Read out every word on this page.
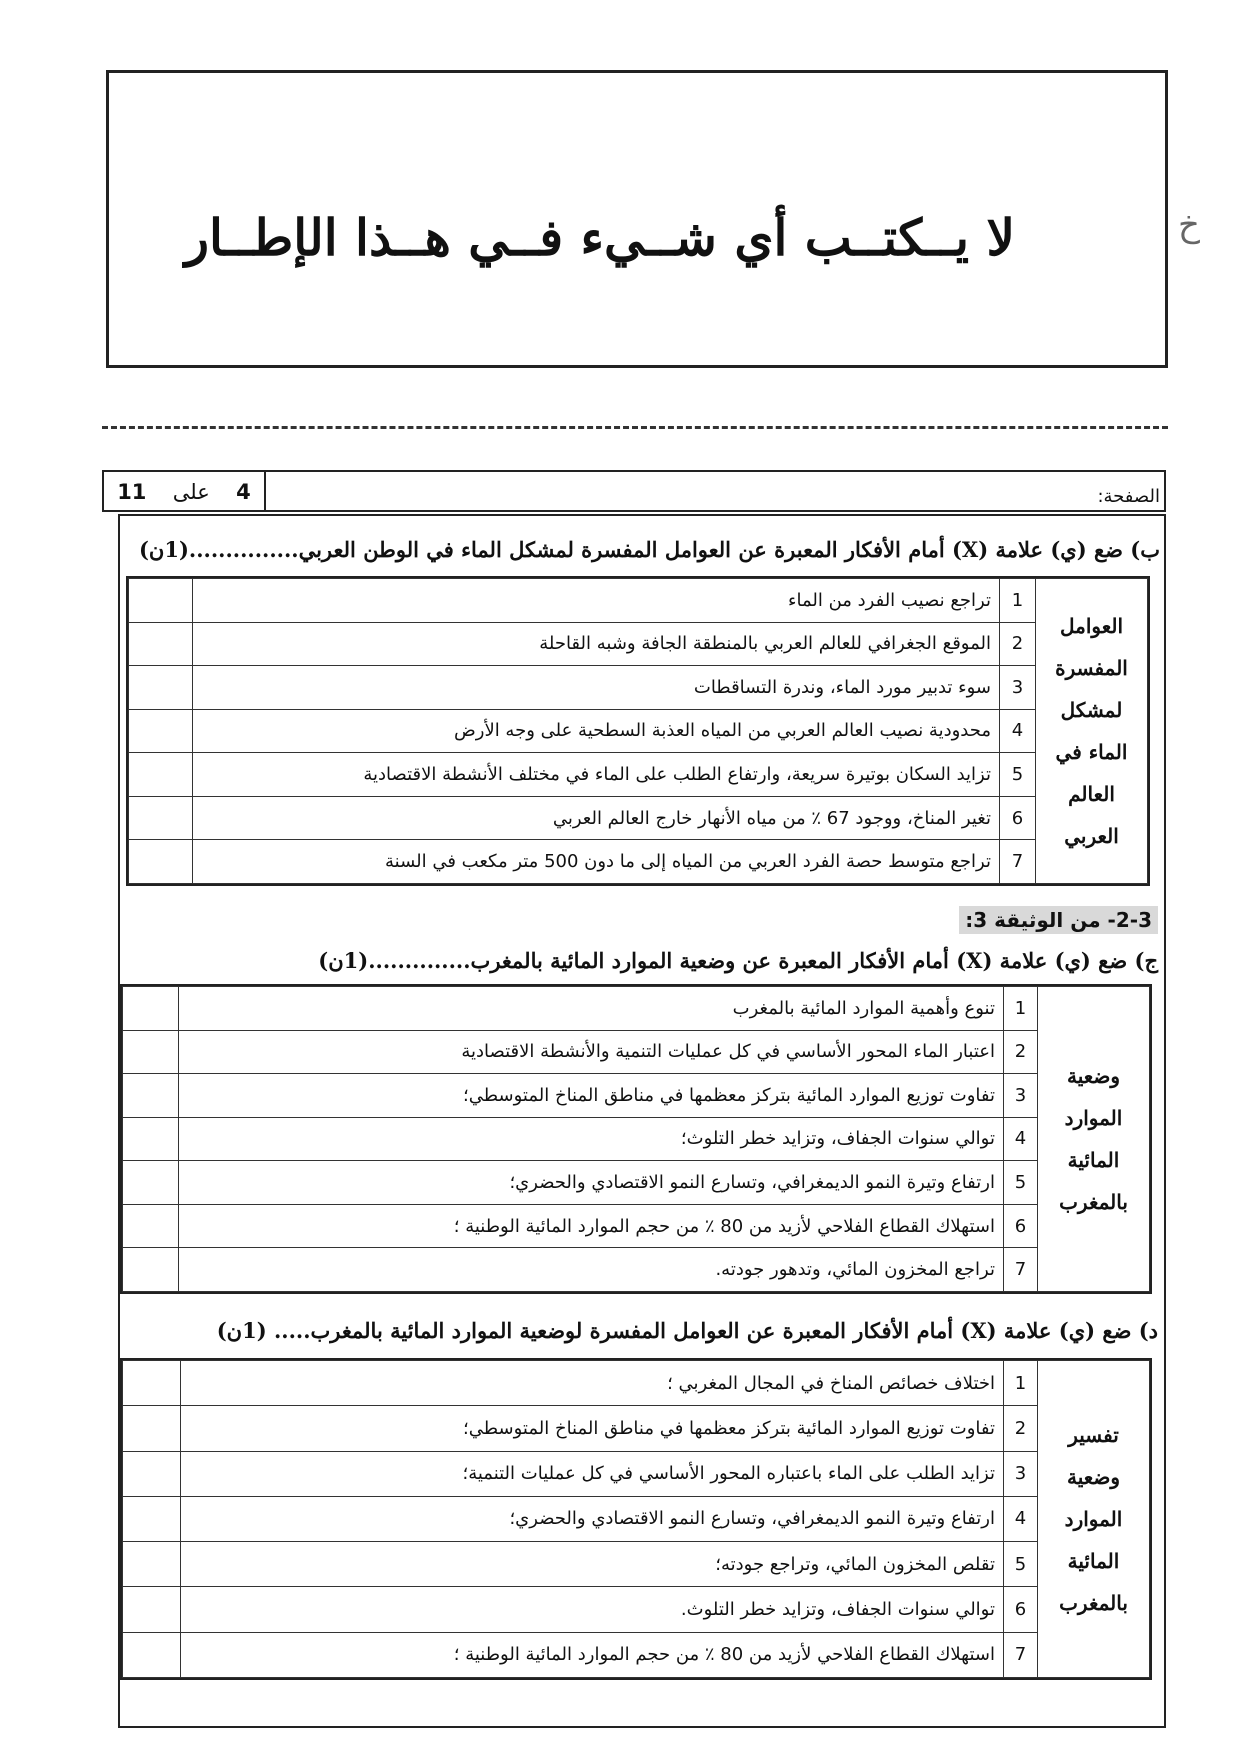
لا يــكتــب أي شــيء فــي هــذا الإطــار	خ
11 على 4	الصفحة:
ب) ضع (ي) علامة (X) أمام الأفكار المعبرة عن العوامل المفسرة لمشكل الماء في الوطن العربي...............(1ن)
العوامل المفسرة لمشكل الماء في العالم العربي	1	تراجع نصيب الفرد من الماء	
	2	الموقع الجغرافي للعالم العربي بالمنطقة الجافة وشبه القاحلة	
	3	سوء تدبير مورد الماء، وندرة التساقطات	
	4	محدودية نصيب العالم العربي من المياه العذبة السطحية على وجه الأرض	
	5	تزايد السكان بوتيرة سريعة، وارتفاع الطلب على الماء في مختلف الأنشطة الاقتصادية	
	6	تغير المناخ، ووجود 67 ٪ من مياه الأنهار خارج العالم العربي	
	7	تراجع متوسط حصة الفرد العربي من المياه إلى ما دون 500 متر مكعب في السنة	
2-3- من الوثيقة 3:
ج) ضع (ي) علامة (X) أمام الأفكار المعبرة عن وضعية الموارد المائية بالمغرب..............(1ن)
وضعية الموارد المائية بالمغرب	1	تنوع وأهمية الموارد المائية بالمغرب	
	2	اعتبار الماء المحور الأساسي في كل عمليات التنمية والأنشطة الاقتصادية	
	3	تفاوت توزيع الموارد المائية بتركز معظمها في مناطق المناخ المتوسطي؛	
	4	توالي سنوات الجفاف، وتزايد خطر التلوث؛	
	5	ارتفاع وتيرة النمو الديمغرافي، وتسارع النمو الاقتصادي والحضري؛	
	6	استهلاك القطاع الفلاحي لأزيد من 80 ٪ من حجم الموارد المائية الوطنية ؛	
	7	تراجع المخزون المائي، وتدهور جودته.	
د) ضع (ي) علامة (X) أمام الأفكار المعبرة عن العوامل المفسرة لوضعية الموارد المائية بالمغرب..... (1ن)
تفسير وضعية الموارد المائية بالمغرب	1	اختلاف خصائص المناخ في المجال المغربي ؛	
	2	تفاوت توزيع الموارد المائية بتركز معظمها في مناطق المناخ المتوسطي؛	
	3	تزايد الطلب على الماء باعتباره المحور الأساسي في كل عمليات التنمية؛	
	4	ارتفاع وتيرة النمو الديمغرافي، وتسارع النمو الاقتصادي والحضري؛	
	5	تقلص المخزون المائي، وتراجع جودته؛	
	6	توالي سنوات الجفاف، وتزايد خطر التلوث.	
	7	استهلاك القطاع الفلاحي لأزيد من 80 ٪ من حجم الموارد المائية الوطنية ؛	
